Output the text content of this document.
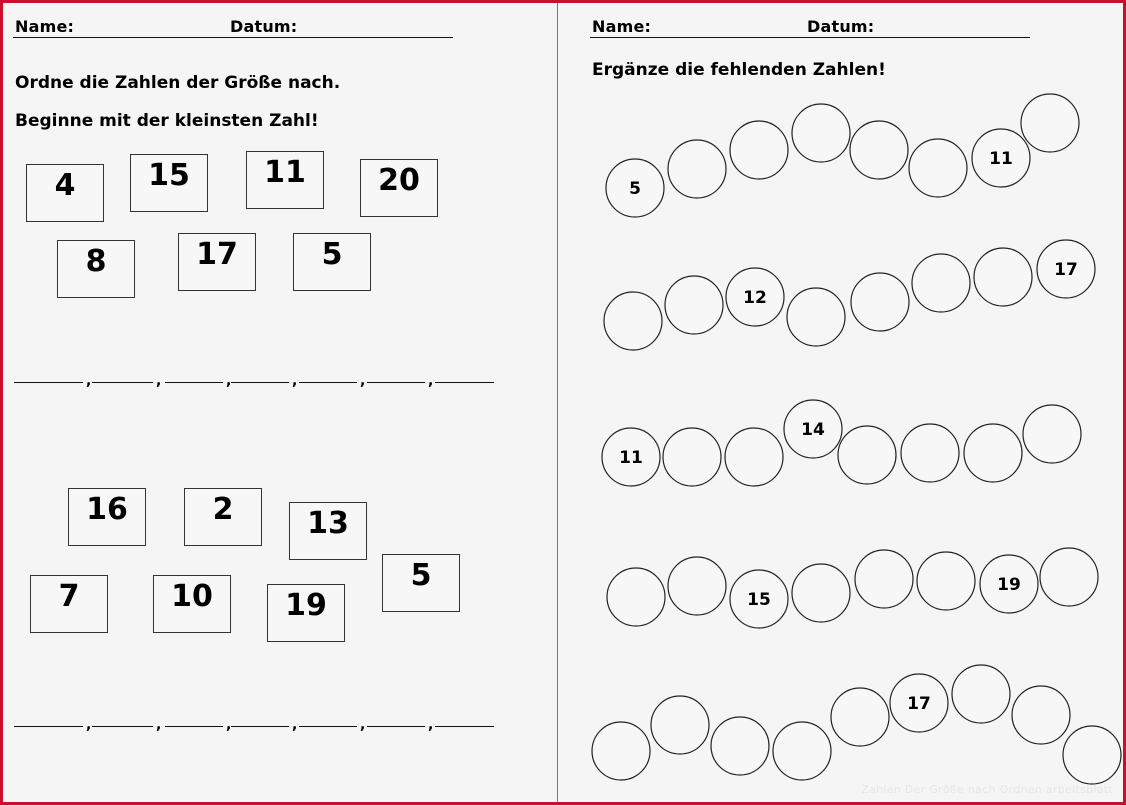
Name:	Datum:
Ordne die Zahlen der Größe nach.
Beginne mit der kleinsten Zahl!
4	15	11	20
8	17	5
,	,	,	,	,	,
16	2	13
7	10	19
5
,	,	,	,	,	,
Name:	Datum:
Ergänze die fehlenden Zahlen!
5
11
12
17
11
14
15
19
17
Zahlen Der Größe nach Ordnen arbeitsblatt
